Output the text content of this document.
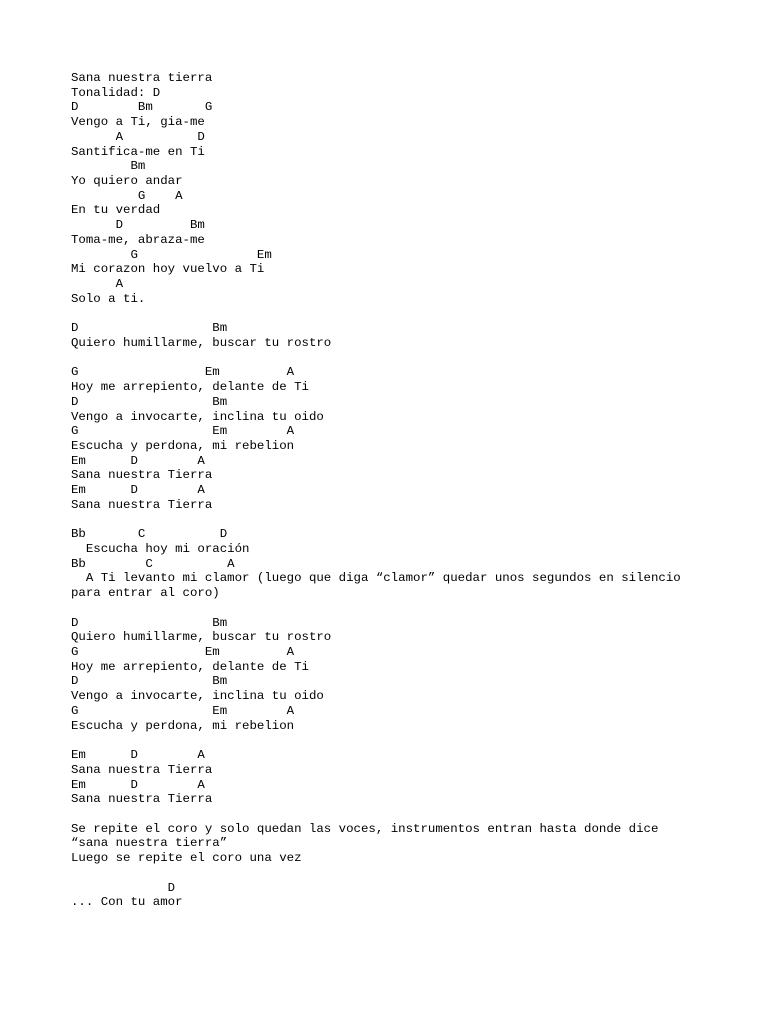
Sana nuestra tierra
Tonalidad: D
D        Bm       G
Vengo a Ti, gia-me
A          D
Santifica-me en Ti
Bm
Yo quiero andar
G    A
En tu verdad
D         Bm
Toma-me, abraza-me
G                Em
Mi corazon hoy vuelvo a Ti
A
Solo a ti.
D                  Bm
Quiero humillarme, buscar tu rostro
G                 Em         A
Hoy me arrepiento, delante de Ti
D                  Bm
Vengo a invocarte, inclina tu oido
G                  Em        A
Escucha y perdona, mi rebelion
Em      D        A
Sana nuestra Tierra
Em      D        A
Sana nuestra Tierra
Bb       C          D
Escucha hoy mi oración
Bb        C          A
A Ti levanto mi clamor (luego que diga “clamor” quedar unos segundos en silencio
para entrar al coro)
D                  Bm
Quiero humillarme, buscar tu rostro
G                 Em         A
Hoy me arrepiento, delante de Ti
D                  Bm
Vengo a invocarte, inclina tu oido
G                  Em        A
Escucha y perdona, mi rebelion
Em      D        A
Sana nuestra Tierra
Em      D        A
Sana nuestra Tierra
Se repite el coro y solo quedan las voces, instrumentos entran hasta donde dice
“sana nuestra tierra”
Luego se repite el coro una vez
D
... Con tu amor
